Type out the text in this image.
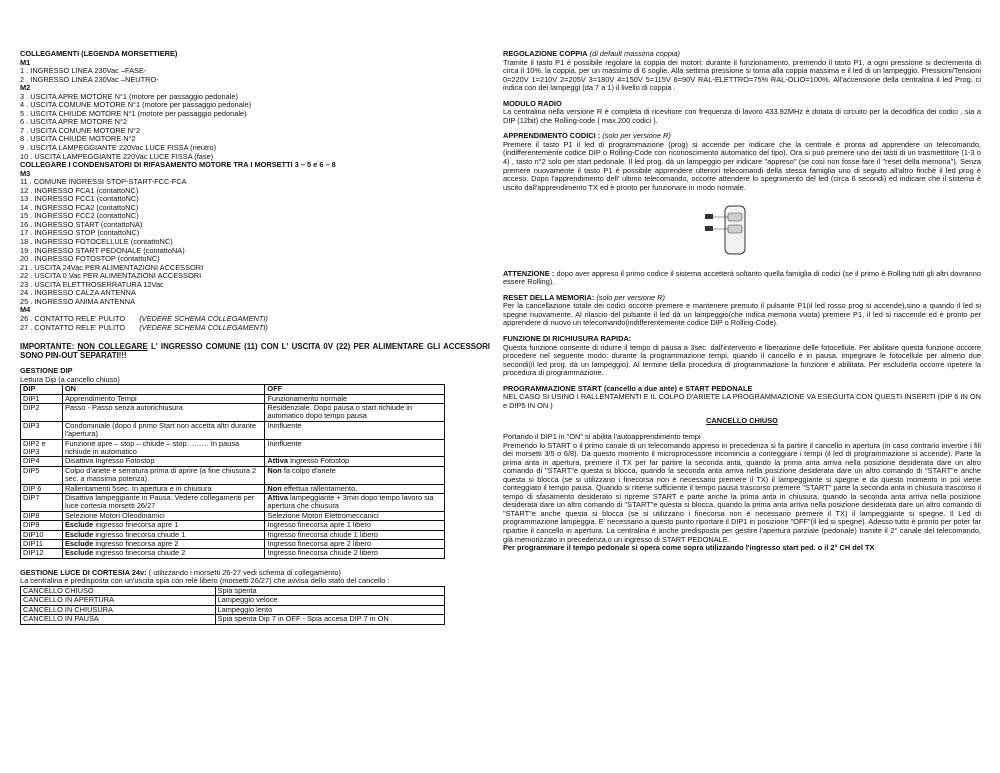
COLLEGAMENTI (LEGENDA MORSETTIERE)
M1
1 . INGRESSO LINEA 230Vac –FASE-
2 . INGRESSO LINEA 230Vac –NEUTRO-
M2
3 . USCITA APRE MOTORE N°1 (motore per passaggio pedonale)
4 . USCITA COMUNE MOTORE N°1 (motore per passaggio pedonale)
5 . USCITA CHIUDE MOTORE N°1 (motore per passaggio pedonale)
6 . USCITA APRE MOTORE N°2
7 . USCITA COMUNE MOTORE N°2
8 . USCITA CHIUDE MOTORE N°2
9 . USCITA LAMPEGGIANTE 220Vac LUCE FISSA (neutro)
10 . USCITA LAMPEGGIANTE 220Vac LUCE FISSA (fase)
COLLEGARE I CONDENSATORI DI RIFASAMENTO MOTORE TRA I MORSETTI 3 – 5 e 6 – 8
M3
11 . COMUNE INGRESSI STOP-START-FCC-FCA
12 . INGRESSO FCA1 (contattoNC)
13 . INGRESSO FCC1 (contattoNC)
14 . INGRESSO FCA2 (contattoNC)
15 . INGRESSO FCC2 (contattoNC)
16 . INGRESSO START (contattoNA)
17 . INGRESSO STOP (contattoNC)
18 . INGRESSO FOTOCELLULE (contattoNC)
19 . INGRESSO START PEDONALE (contattoNA)
20 . INGRESSO FOTOSTOP (contattoNC)
21 . USCITA 24Vac PER ALIMENTAZIONI ACCESSORI
22 . USCITA 0 Vac PER ALIMENTAZIONI ACCESSORI
23 . USCITA ELETTROSERRATURA 12Vac
24 . INGRESSO CALZA ANTENNA
25 . INGRESSO ANIMA ANTENNA
M4
26 . CONTATTO RELE' PULITO (VEDERE SCHEMA COLLEGAMENTI)
27 . CONTATTO RELE' PULITO (VEDERE SCHEMA COLLEGAMENTI)

IMPORTANTE: NON COLLEGARE L' INGRESSO COMUNE (11) CON L' USCITA 0V (22) PER ALIMENTARE GLI ACCESSORI SONO PIN-OUT SEPARATI!!!

GESTIONE DIP
Lettura Dip (a cancello chiuso)
DIP	ON	OFF
DIP1	Apprendimento Tempi	Funzionamento normale
DIP2	Passo - Passo senza autorichiusura	Residenziale. Dopo pausa o start richiude in automatico dopo tempo pausa
DIP3	Condominiale (dopo il primo Start non accetta altri durante l'apertura)	Ininfluente
DIP2 e DIP3	Funzione apre – stop – chiude – stop……… In pausa richiude in automatico	Ininfluente
DIP4	Disattiva Ingresso Fotostop	Attiva Ingresso Fotostop
DIP5	Colpo d'ariete e serratura prima di aprire (a fine chiusura 2 sec. a massima potenza)	Non fa colpo d'ariete
DIP 6	Rallentamenti 5sec. In apertura e in chiusura	Non effettua rallentamento.
DIP7	Disattiva lampeggiante in Pausa. Vedere collegamenti per luce cortesia morsetti 26/27	Attiva lampeggiante + 3min dopo tempo lavoro sia apertura che chiusura
DIP8	Selezione Motori Oleodinamici	Selezione Motori Elettromeccanici
DIP9	Esclude ingresso finecorsa apre 1	Ingresso finecorsa apre 1 libero
DIP10	Esclude ingresso finecorsa chiude 1	Ingresso finecorsa chiude 1 libero
DIP11	Esclude ingresso finecorsa apre 2	Ingresso finecorsa apre 2 libero
DIP12	Esclude ingresso finecorsa chiude 2	Ingresso finecorsa chiude 2 libero
GESTIONE LUCE DI CORTESIA 24v: ( utilizzando i morsetti 26-27 vedi schema di collegamento)
La centralina è predisposta con un'uscita spia con relè libero (morsetti 26/27) che avvisa dello stato del cancello :
CANCELLO CHIUSO	Spia spenta
CANCELLO IN APERTURA	Lampeggio veloce
CANCELLO IN CHIUSURA	Lampeggio lento
CANCELLO IN PAUSA	Spia spenta Dip 7 in OFF - Spia accesa DIP 7 in ON
REGOLAZIONE COPPIA (di default massima coppia)

Tramite il tasto P1 è possibile regolare la coppia dei motori: durante il funzionamento, premendo il tasto P1, a ogni pressione si decrementa di circa il 10%. la coppia, per un massimo di 6 soglie. Alla settima pressione si torna alla coppia massima e il led di un lampeggio. Pressioni/Tensioni 0=220V 1=210V 2=205V 3=180V 4=150V 5=115V 6=90V RAL-ELETTRO=75% RAL-OLIO=100%. All'accensione della centralina il led Prog. ci indica con dei lampeggi (da 7 a 1) il livello di coppia .

MODULO RADIO

La centralina nella versione R è completa di ricevitore con frequenza di lavoro 433.92MHz è dotata di circuito per la decodifica dei codici , sia a DIP (12bit) che Rolling-code ( max.200 codici ).

APPRENDIMENTO CODICI : (solo per versione R)

Premere il tasto P1 il led di programmazione (prog) si accende per indicare che la centrale è pronta ad apprendere un telecomando, (indifferentemente codice DIP o Rolling-Code con riconoscimento automatico del tipo). Ora si può premere uno dei tasti di un trasmettitore (1-3 o 4) , tasto n°2 solo per start pedonale. Il led prog. dà un lampeggio per indicare "appreso" (se così non fosse fare il "reset della memoria"). Senza premere nuovamente il tasto P1 è possibile apprendere ulteriori telecomandi della stessa famiglia uno di seguito all'altro finché il led prog è acceso. Dopo l'apprendimento dell' ultimo telecomando, occorre attendere lo spegnimento del led (circa 6 secondi) ed indicare che il sistema è uscito dall'apprendimento TX ed è pronto per funzionare in modo normale.

ATTENZIONE : dopo aver appreso il primo codice il sistema accetterà soltanto quella famiglia di codici (se il primo è Rolling tutti gli altri dovranno essere Rolling).

RESET DELLA MEMORIA: (solo per versione R)

Per la cancellazione totale dei codici occorre premere e mantenere premuto il pulsante P1(il led rosso prog si accende),sino a quando il led si spegne nuovamente. Al rilascio del pulsante il led dà un lampeggio(che indica memoria vuota) premere P1, il led si riaccende ed è pronto per apprendere di nuovo un telecomando(indifferentemente codice DIP o Rolling-Code).

FUNZIONE DI RICHIUSURA RAPIDA:

Questa funzione consente di ridurre il tempo di pausa a 3sec. dall'intervento e liberazione delle fotocellule. Per abilitare questa funzione occorre procedere nel seguente modo: durante la programmazione tempi, quando il cancello è in pausa, impegnare le fotocellule per almeno due secondi(il led prog. dà un lampeggio). Al termine della procedura di programmazione la funzione è abilitata. Per escluderla occorre ripetere la procedura di programmazione.

PROGRAMMAZIONE START (cancello a due ante) e START PEDONALE

NEL CASO SI USINO I RALLENTAMENTI E IL COLPO D'ARIETE LA PROGRAMMAZIONE VA ESEGUITA CON QUESTI INSERITI (DIP 6 IN ON e DIP5 IN ON )

CANCELLO CHIUSO
Portando il DIP1 in "ON" si abilita l'autoapprendimento tempi

Premendo lo START o il primo canale di un telecomando appreso in precedenza si fa partire il cancello in apertura (in caso contrario invertire i fili dei morsetti 3/5 o 6/8). Da questo momento il microprocessore incomincia a conteggiare i tempi (il led di programmazione si accende). Parte la prima anta in apertura, premere il TX per far partire la seconda anta, quando la prima anta arriva nella posizione desiderata dare un altro comando di "START"e questa si blocca, quando la seconda anta arriva nella posizione desiderata dare un altro comando di "START"e anche questa si blocca (se si utilizzano i finecorsa non è necessario premere il TX) il lampeggiante si spegne e da questo momento in poi viene conteggiato il tempo pausa. Quando si ritiene sufficiente il tempo pausa trascorso premere "START" parte la seconda anta in chiusura trascorso il tempo di sfasamento desiderato si ripreme START e parte anche la prima anta in chiusura, quando la seconda anta arriva nella posizione desiderata dare un altro comando di "START"e questa si blocca, quando la prima anta arriva nella posizione desiderata dare un altro comando di "START"e anche questa si blocca (se si utilizzano i finecorsa non è necessario premere il TX) il lampeggiante si spegne. Il Led di programmazione lampeggia. E' necessario a questo punto riportare il DIP1 in posizione "OFF"(il led si spegne). Adesso tutto è pronto per poter far ripartire il cancello in apertura. La centralina è anche predisposta per gestire l'apertura parziale (pedonale) tramite il 2° canale del telecomando, già memorizzato in precedenza,o un ingresso di START PEDONALE.

Per programmare il tempo pedonale si opera come sopra utilizzando l'ingresso start ped. o il 2° CH del TX
